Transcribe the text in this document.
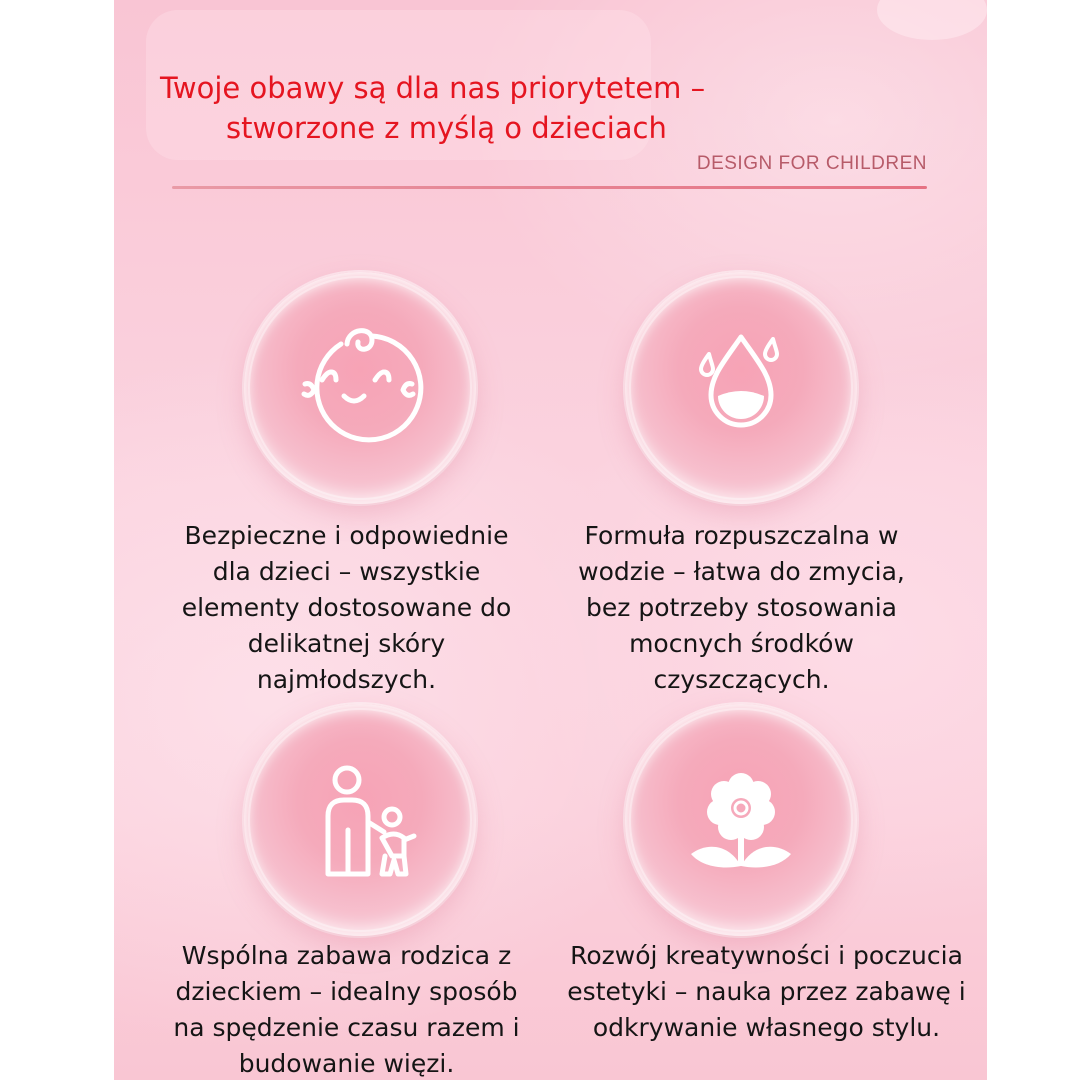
Twoje obawy są dla nas priorytetem –
stworzone z myślą o dzieciach
DESIGN FOR CHILDREN
Bezpieczne i odpowiednie
dla dzieci – wszystkie
elementy dostosowane do
delikatnej skóry
najmłodszych.
Formuła rozpuszczalna w
wodzie – łatwa do zmycia,
bez potrzeby stosowania
mocnych środków
czyszczących.
Wspólna zabawa rodzica z
dzieckiem – idealny sposób
na spędzenie czasu razem i
budowanie więzi.
Rozwój kreatywności i poczucia
estetyki – nauka przez zabawę i
odkrywanie własnego stylu.
